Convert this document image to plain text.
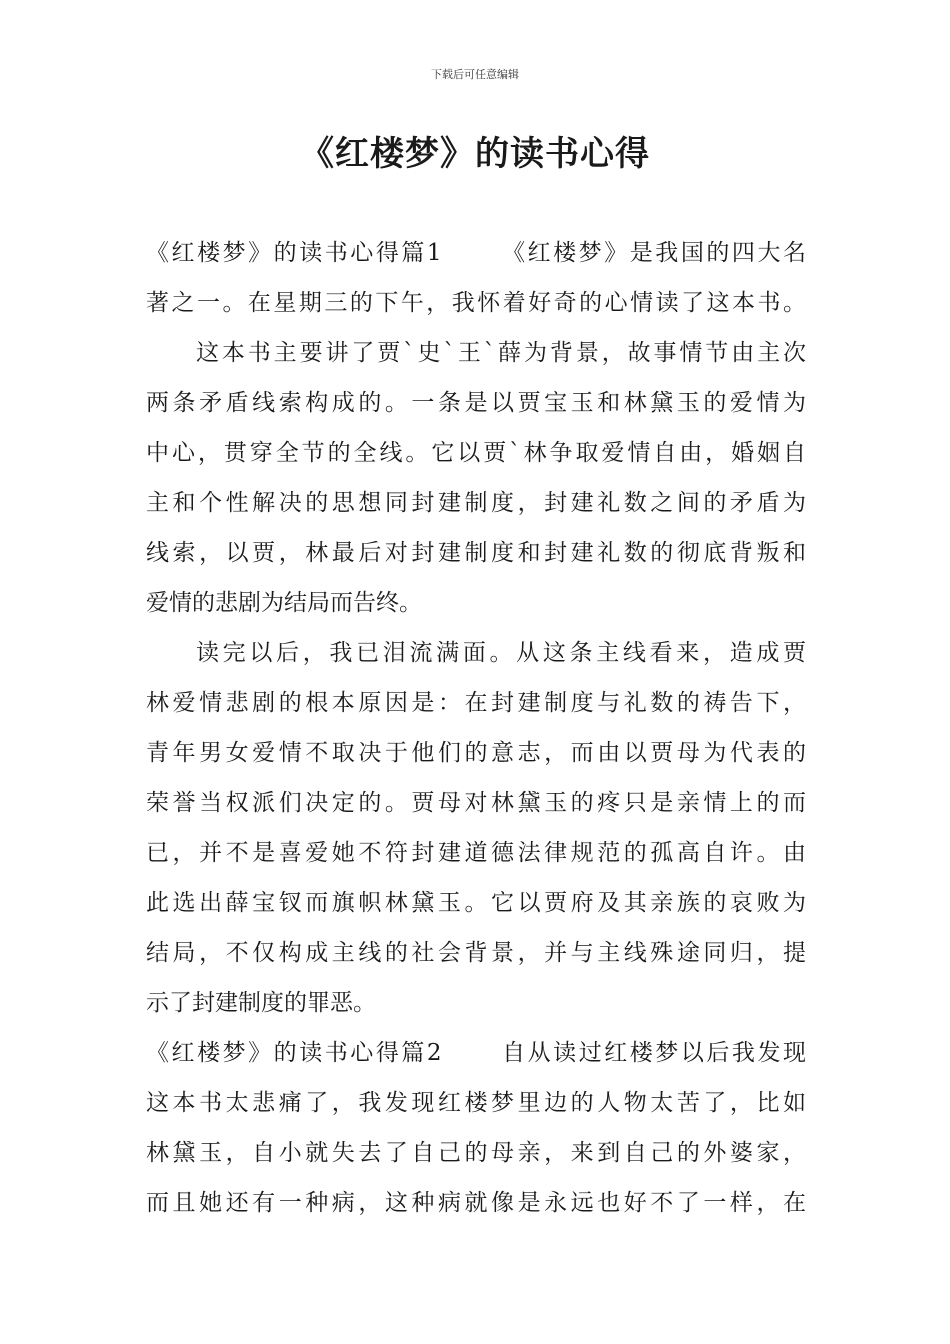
下载后可任意编辑
《红楼梦》的读书心得
《红楼梦》的读书心得篇1	《红楼梦》是我国的四大名
著之一。在星期三的下午，我怀着好奇的心情读了这本书。
这本书主要讲了贾`史`王`薛为背景，故事情节由主次
两条矛盾线索构成的。一条是以贾宝玉和林黛玉的爱情为
中心，贯穿全节的全线。它以贾`林争取爱情自由，婚姻自
主和个性解决的思想同封建制度，封建礼数之间的矛盾为
线索，以贾，林最后对封建制度和封建礼数的彻底背叛和
爱情的悲剧为结局而告终。
读完以后，我已泪流满面。从这条主线看来，造成贾
林爱情悲剧的根本原因是：在封建制度与礼数的祷告下，
青年男女爱情不取决于他们的意志，而由以贾母为代表的
荣誉当权派们决定的。贾母对林黛玉的疼只是亲情上的而
已，并不是喜爱她不符封建道德法律规范的孤高自许。由
此选出薛宝钗而旗帜林黛玉。它以贾府及其亲族的哀败为
结局，不仅构成主线的社会背景，并与主线殊途同归，提
示了封建制度的罪恶。
《红楼梦》的读书心得篇2	自从读过红楼梦以后我发现
这本书太悲痛了，我发现红楼梦里边的人物太苦了，比如
林黛玉，自小就失去了自己的母亲，来到自己的外婆家，
而且她还有一种病，这种病就像是永远也好不了一样，在
